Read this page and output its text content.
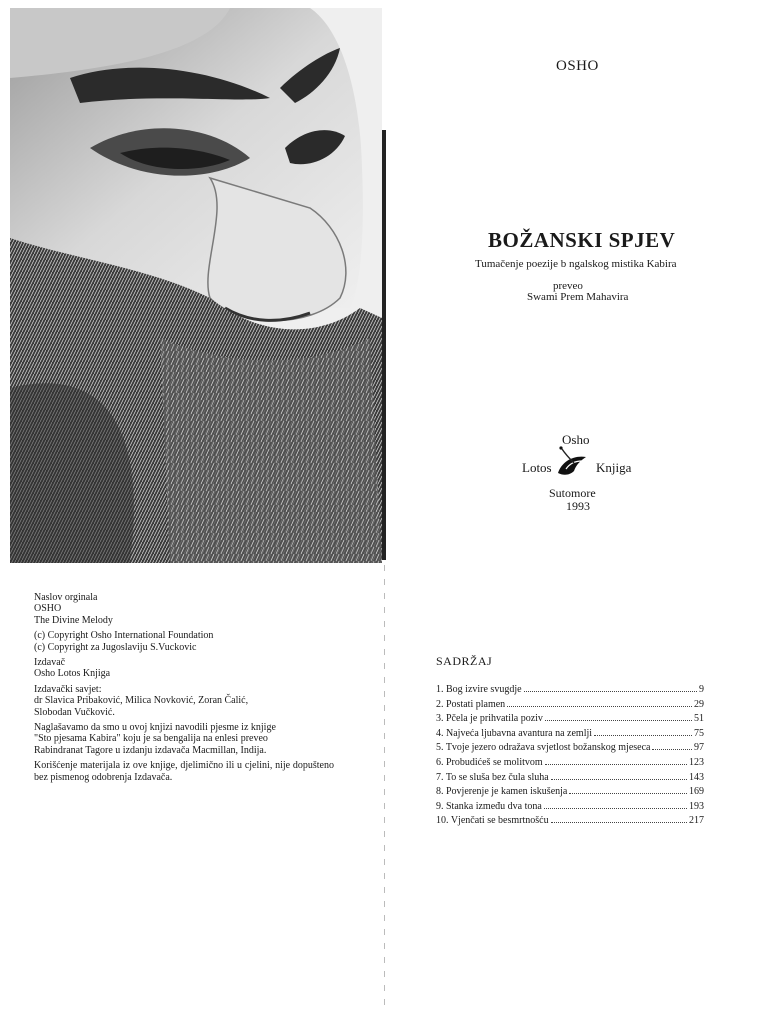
OSHO
BOŽANSKI SPJEV
Tumačenje poezije b ngalskog mistika Kabira
preveo
Swami Prem Mahavira
Osho
Lotos	Knjiga
Sutomore
1993

Naslov orginala
OSHO
The Divine Melody

(c) Copyright Osho International Foundation
(c) Copyright za Jugoslaviju S.Vuckovic

Izdavač
Osho Lotos Knjiga

Izdavački savjet:
dr Slavica Pribaković, Milica Novković, Zoran Čalić,
Slobodan Vučković.

Naglašavamo da smo u ovoj knjizi navodili pjesme iz knjige
"Sto pjesama Kabira" koju je sa bengalija na enlesi preveo
Rabindranat Tagore u izdanju izdavača Macmillan, Indija.

Korišćenje materijala iz ove knjige, djelimično ili u cjelini, nije dopušteno bez pismenog odobrenja Izdavača.

SADRŽAJ
1. Bog izvire svugdje	9
2. Postati plamen	29
3. Pčela je prihvatila poziv	51
4. Najveća ljubavna avantura na zemlji	75
5. Tvoje jezero odražava svjetlost božanskog mjeseca	97
6. Probudićeš se molitvom	123
7. To se sluša bez čula sluha	143
8. Povjerenje je kamen iskušenja	169
9. Stanka između dva tona	193
10. Vjenčati se besmrtnošću	217
